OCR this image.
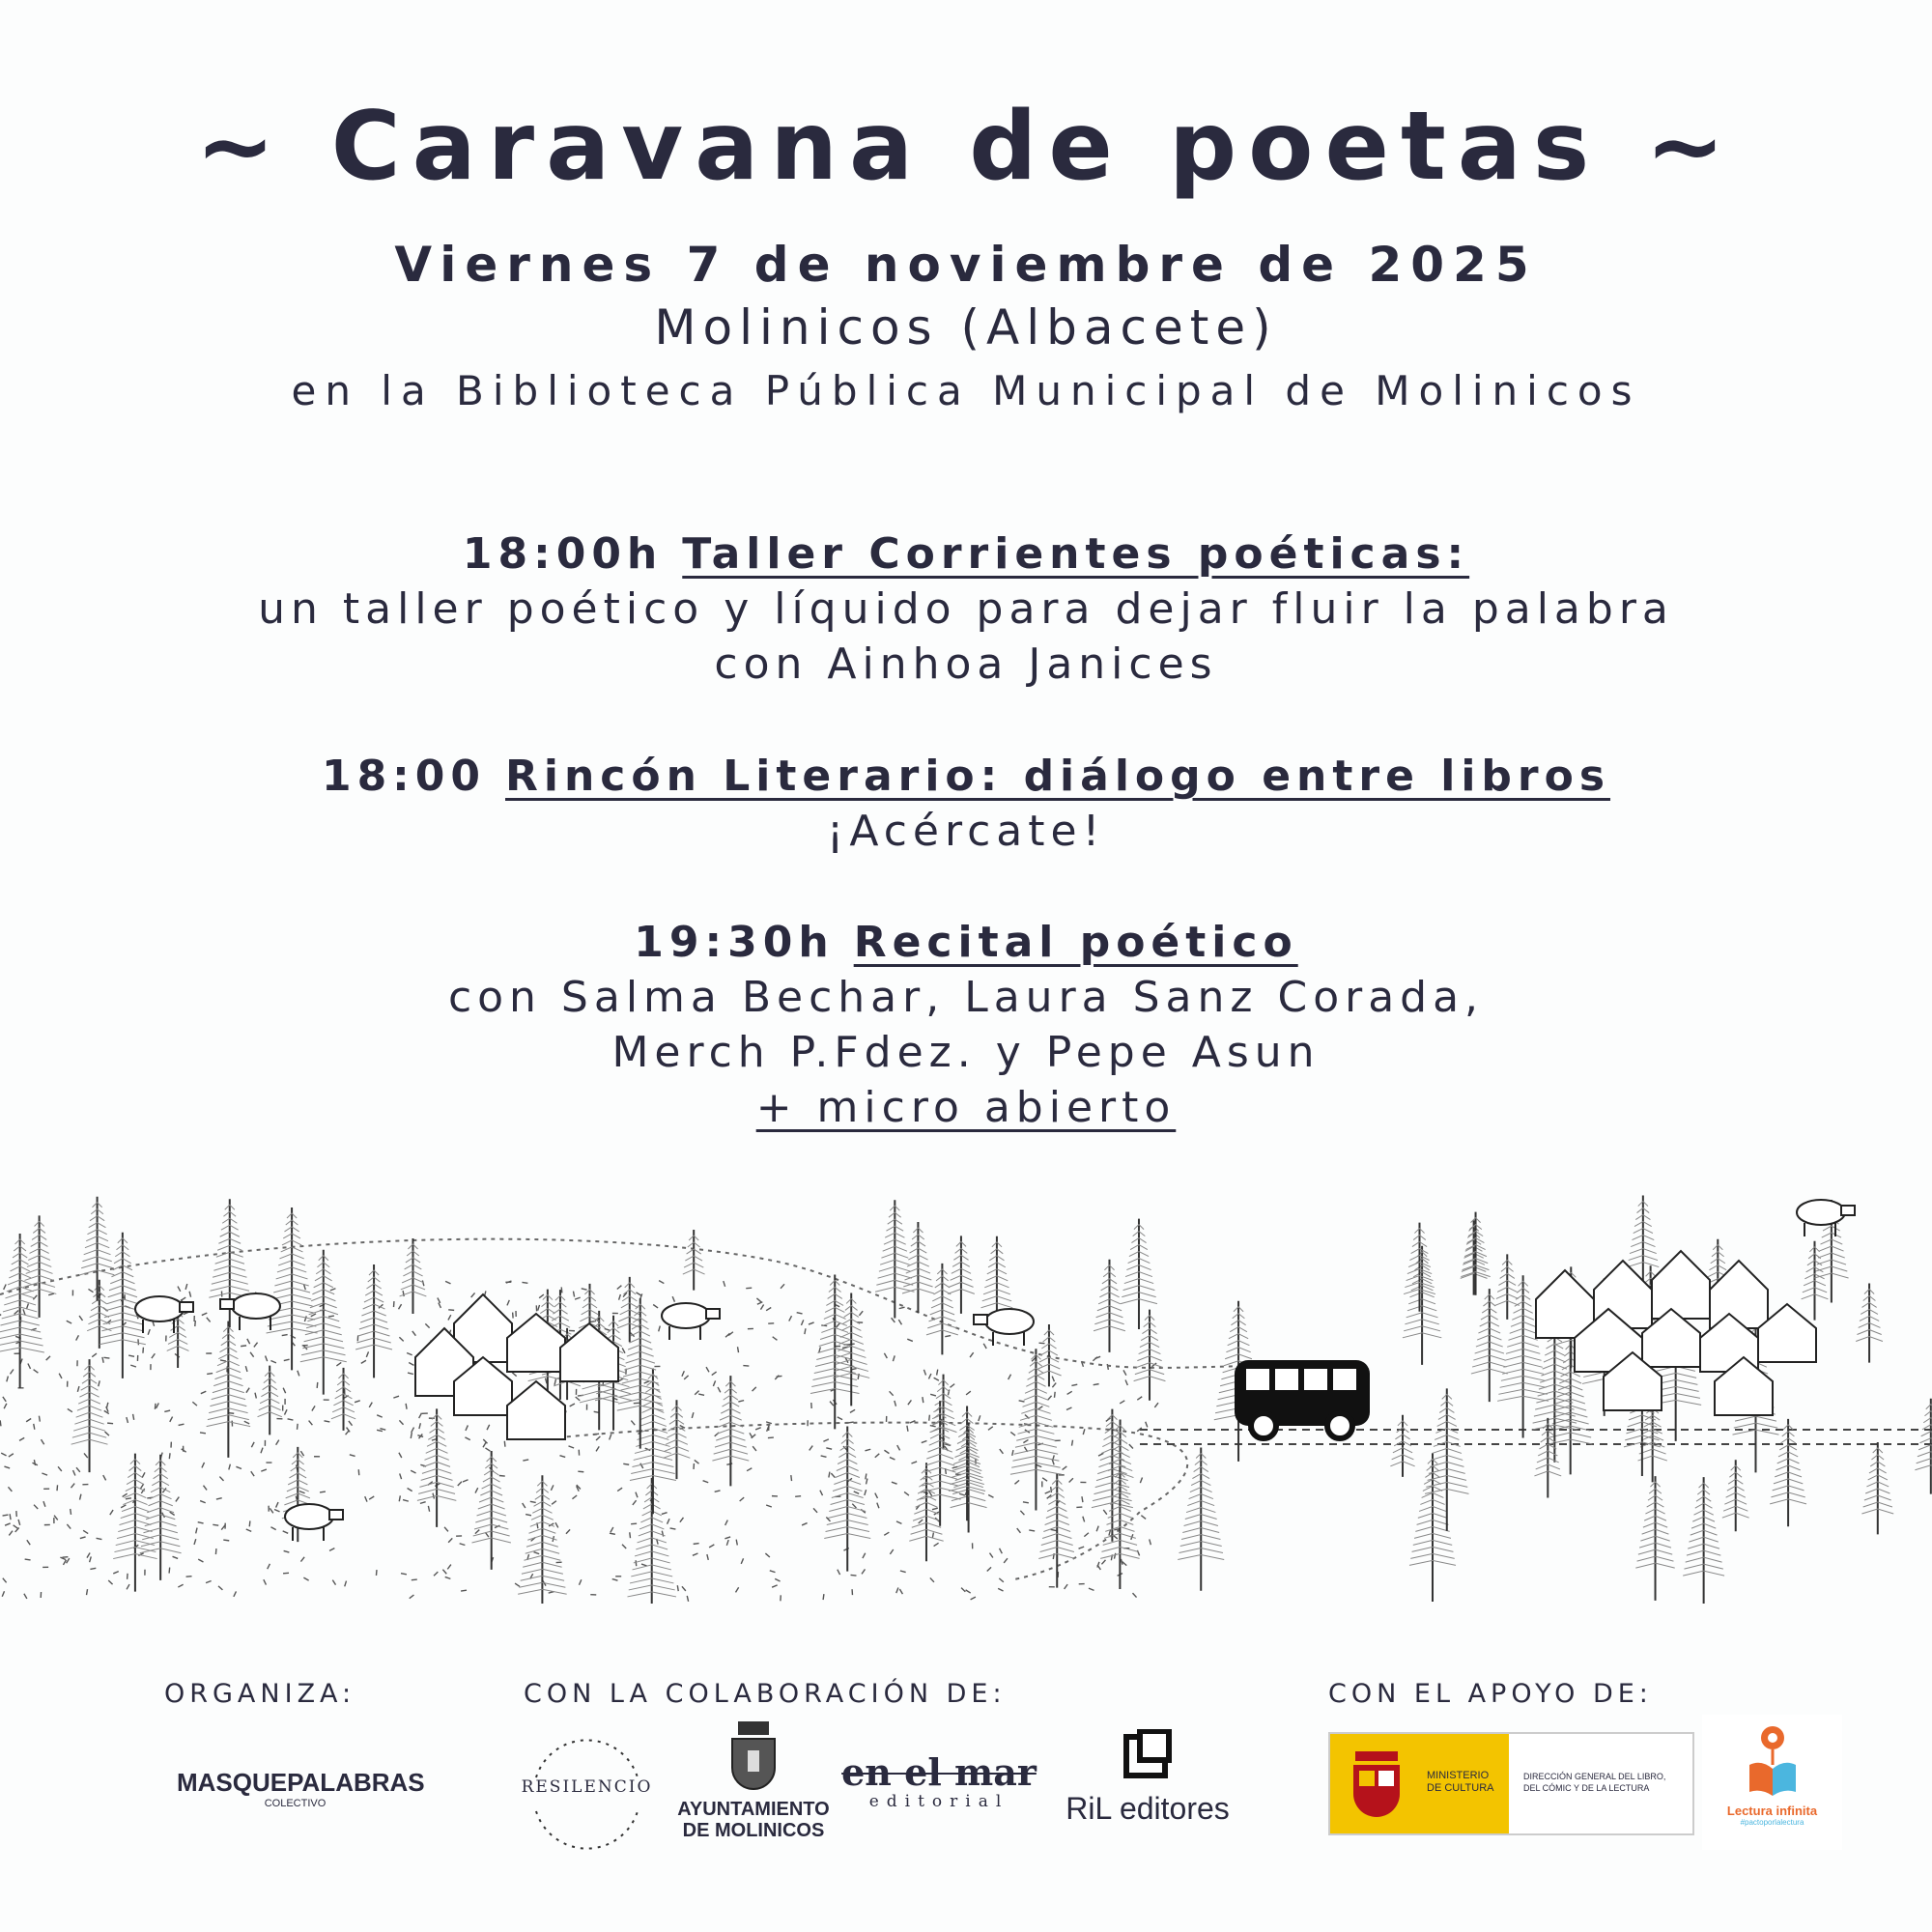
~ Caravana de poetas ~
Viernes 7 de noviembre de 2025
Molinicos (Albacete)
en la Biblioteca Pública Municipal de Molinicos
18:00h Taller Corrientes poéticas:
un taller poético y líquido para dejar fluir la palabra
con Ainhoa Janices
18:00 Rincón Literario: diálogo entre libros
¡Acércate!
19:30h Recital poético
con Salma Bechar, Laura Sanz Corada,
Merch P.Fdez. y Pepe Asun
+ micro abierto
ORGANIZA:	CON LA COLABORACIÓN DE:	CON EL APOYO DE:
MASQUEPALABRAS
COLECTIVO
RESILENCIO
AYUNTAMIENTO
DE MOLINICOS
en el mar
editorial	RiL editores
MINISTERIO
DE CULTURA
DIRECCIÓN GENERAL DEL LIBRO,
DEL CÓMIC Y DE LA LECTURA
Lectura infinita
#pactoporlalectura
